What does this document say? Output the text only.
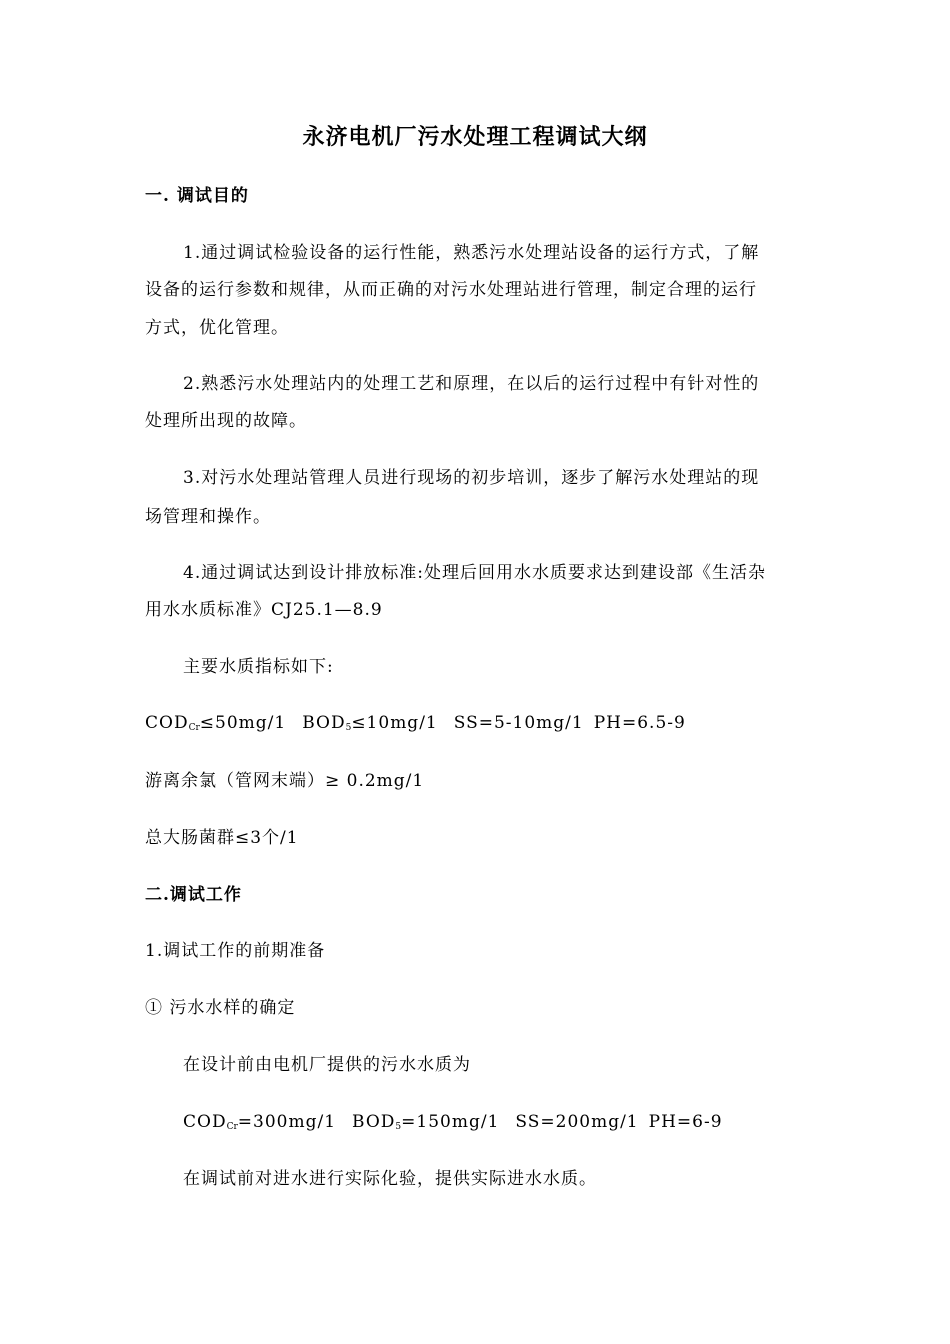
永济电机厂污水处理工程调试大纲
一. 调试目的
1.通过调试检验设备的运行性能，熟悉污水处理站设备的运行方式，了解
设备的运行参数和规律，从而正确的对污水处理站进行管理，制定合理的运行
方式，优化管理。
2.熟悉污水处理站内的处理工艺和原理，在以后的运行过程中有针对性的
处理所出现的故障。
3.对污水处理站管理人员进行现场的初步培训，逐步了解污水处理站的现
场管理和操作。
4.通过调试达到设计排放标准:处理后回用水水质要求达到建设部《生活杂
用水水质标准》CJ25.1—8.9
主要水质指标如下:
$COD_{Cr}\le 50mg/1$ $BOD_5\le 10mg/1$ SS=5-10mg/1 PH=6.5-9
游离余氯（管网末端）≥ 0.2mg/1
总大肠菌群≤3个/1
二.调试工作
1.调试工作的前期准备
① 污水水样的确定
在设计前由电机厂提供的污水水质为
$COD_{Cr}=300mg/1$ $BOD_5=150mg/1$ SS=200mg/1 PH=6-9
在调试前对进水进行实际化验，提供实际进水水质。
